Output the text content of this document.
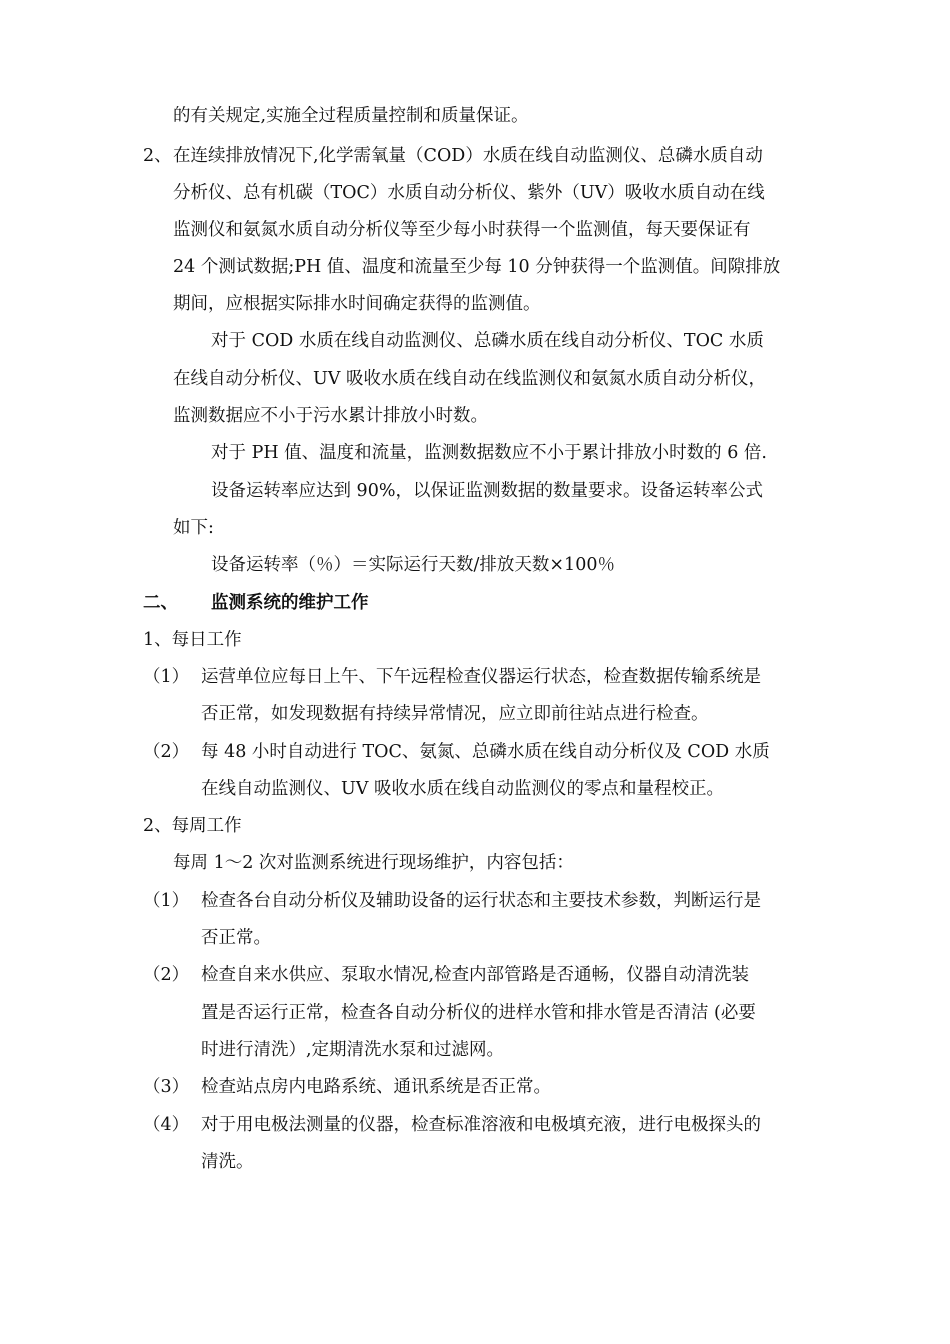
的有关规定,实施全过程质量控制和质量保证。
2、 在连续排放情况下,化学需氧量（COD）水质在线自动监测仪、总磷水质自动
分析仪、总有机碳（TOC）水质自动分析仪、紫外（UV）吸收水质自动在线
监测仪和氨氮水质自动分析仪等至少每小时获得一个监测值，每天要保证有
24 个测试数据;PH 值、温度和流量至少每 10 分钟获得一个监测值。间隙排放
期间，应根据实际排水时间确定获得的监测值。
对于 COD 水质在线自动监测仪、总磷水质在线自动分析仪、TOC 水质
在线自动分析仪、UV 吸收水质在线自动在线监测仪和氨氮水质自动分析仪，
监测数据应不小于污水累计排放小时数。
对于 PH 值、温度和流量，监测数据数应不小于累计排放小时数的 6 倍.
设备运转率应达到 90%，以保证监测数据的数量要求。设备运转率公式
如下:
设备运转率（％）＝实际运行天数/排放天数×100％
二、 监测系统的维护工作
1、每日工作
（1） 运营单位应每日上午、下午远程检查仪器运行状态，检查数据传输系统是
否正常，如发现数据有持续异常情况，应立即前往站点进行检查。
（2） 每 48 小时自动进行 TOC、氨氮、总磷水质在线自动分析仪及 COD 水质
在线自动监测仪、UV 吸收水质在线自动监测仪的零点和量程校正。
2、每周工作
每周 1～2 次对监测系统进行现场维护，内容包括：
（1） 检查各台自动分析仪及辅助设备的运行状态和主要技术参数，判断运行是
否正常。
（2） 检查自来水供应、泵取水情况,检查内部管路是否通畅，仪器自动清洗装
置是否运行正常，检查各自动分析仪的进样水管和排水管是否清洁 (必要
时进行清洗）,定期清洗水泵和过滤网。
（3） 检查站点房内电路系统、通讯系统是否正常。
（4） 对于用电极法测量的仪器，检查标准溶液和电极填充液，进行电极探头的
清洗。
